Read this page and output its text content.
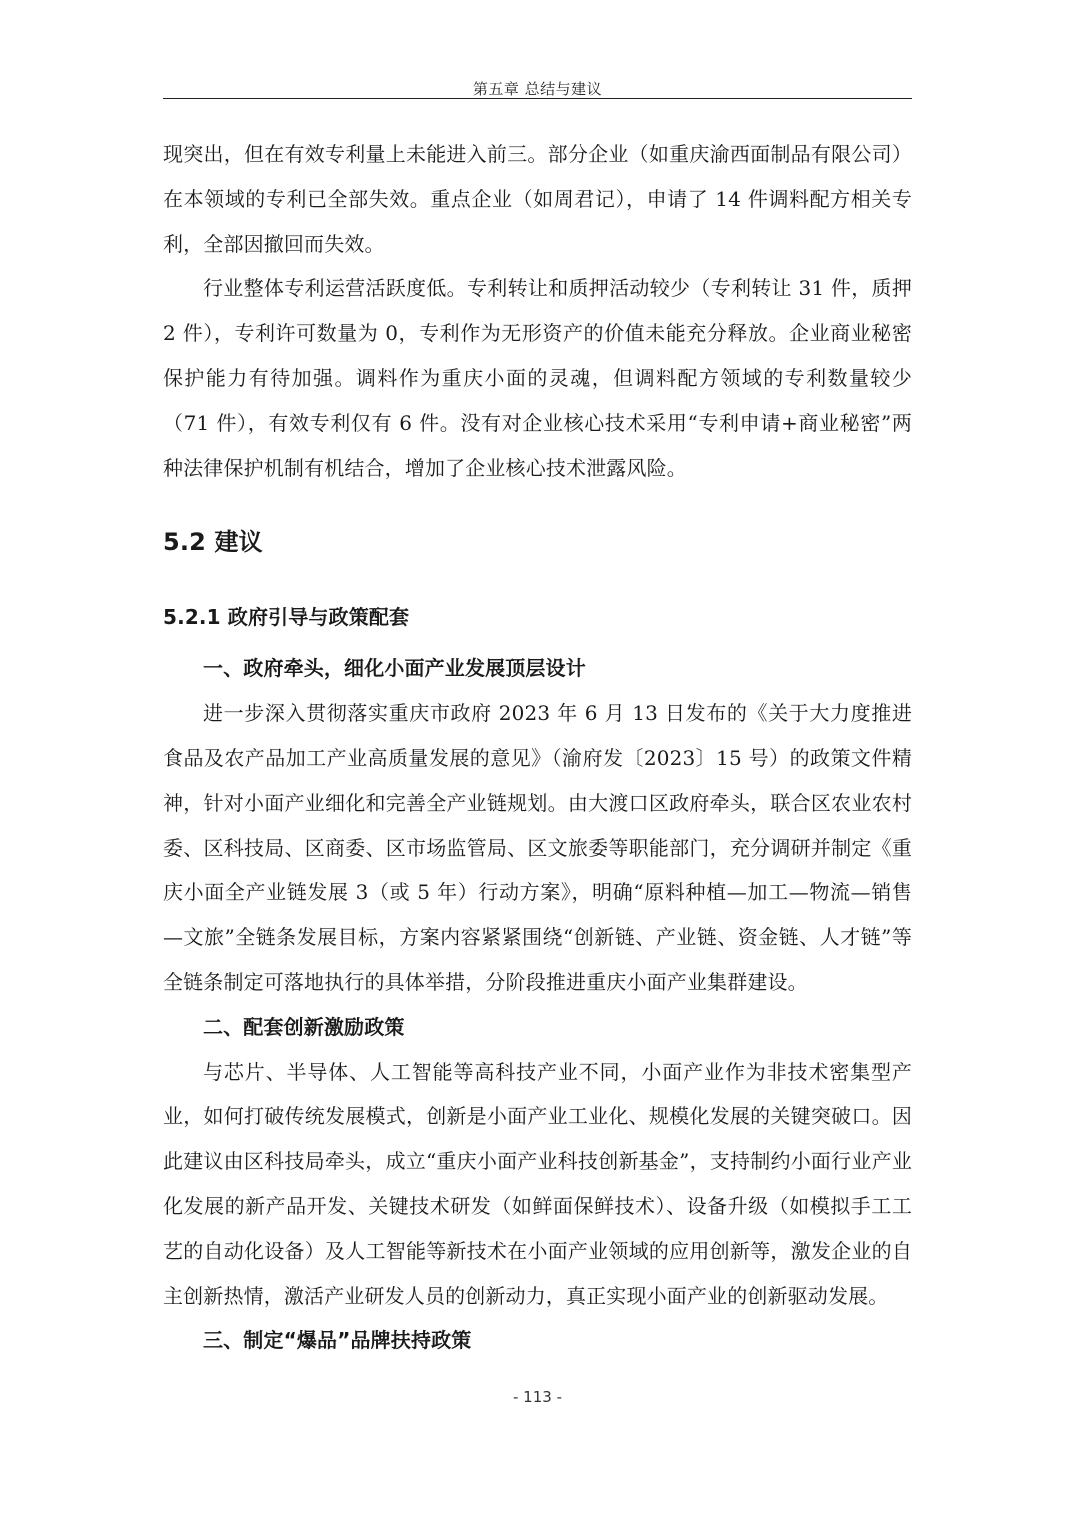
第五章 总结与建议

现突出，但在有效专利量上未能进入前三。部分企业（如重庆渝西面制品有限公司）在本领域的专利已全部失效。重点企业（如周君记），申请了 14 件调料配方相关专利，全部因撤回而失效。

行业整体专利运营活跃度低。专利转让和质押活动较少（专利转让 31 件，质押 2 件），专利许可数量为 0，专利作为无形资产的价值未能充分释放。企业商业秘密保护能力有待加强。调料作为重庆小面的灵魂，但调料配方领域的专利数量较少（71 件），有效专利仅有 6 件。没有对企业核心技术采用“专利申请+商业秘密”两种法律保护机制有机结合，增加了企业核心技术泄露风险。

5.2 建议
5.2.1 政府引导与政策配套
一、政府牵头，细化小面产业发展顶层设计

进一步深入贯彻落实重庆市政府 2023 年 6 月 13 日发布的《关于大力度推进食品及农产品加工产业高质量发展的意见》（渝府发〔2023〕15 号）的政策文件精神，针对小面产业细化和完善全产业链规划。由大渡口区政府牵头，联合区农业农村委、区科技局、区商委、区市场监管局、区文旅委等职能部门，充分调研并制定《重庆小面全产业链发展 3（或 5 年）行动方案》，明确“原料种植—加工—物流—销售—文旅”全链条发展目标，方案内容紧紧围绕“创新链、产业链、资金链、人才链”等全链条制定可落地执行的具体举措，分阶段推进重庆小面产业集群建设。

二、配套创新激励政策

与芯片、半导体、人工智能等高科技产业不同，小面产业作为非技术密集型产业，如何打破传统发展模式，创新是小面产业工业化、规模化发展的关键突破口。因此建议由区科技局牵头，成立“重庆小面产业科技创新基金”，支持制约小面行业产业化发展的新产品开发、关键技术研发（如鲜面保鲜技术）、设备升级（如模拟手工工艺的自动化设备）及人工智能等新技术在小面产业领域的应用创新等，激发企业的自主创新热情，激活产业研发人员的创新动力，真正实现小面产业的创新驱动发展。

三、制定“爆品”品牌扶持政策
- 113 -
